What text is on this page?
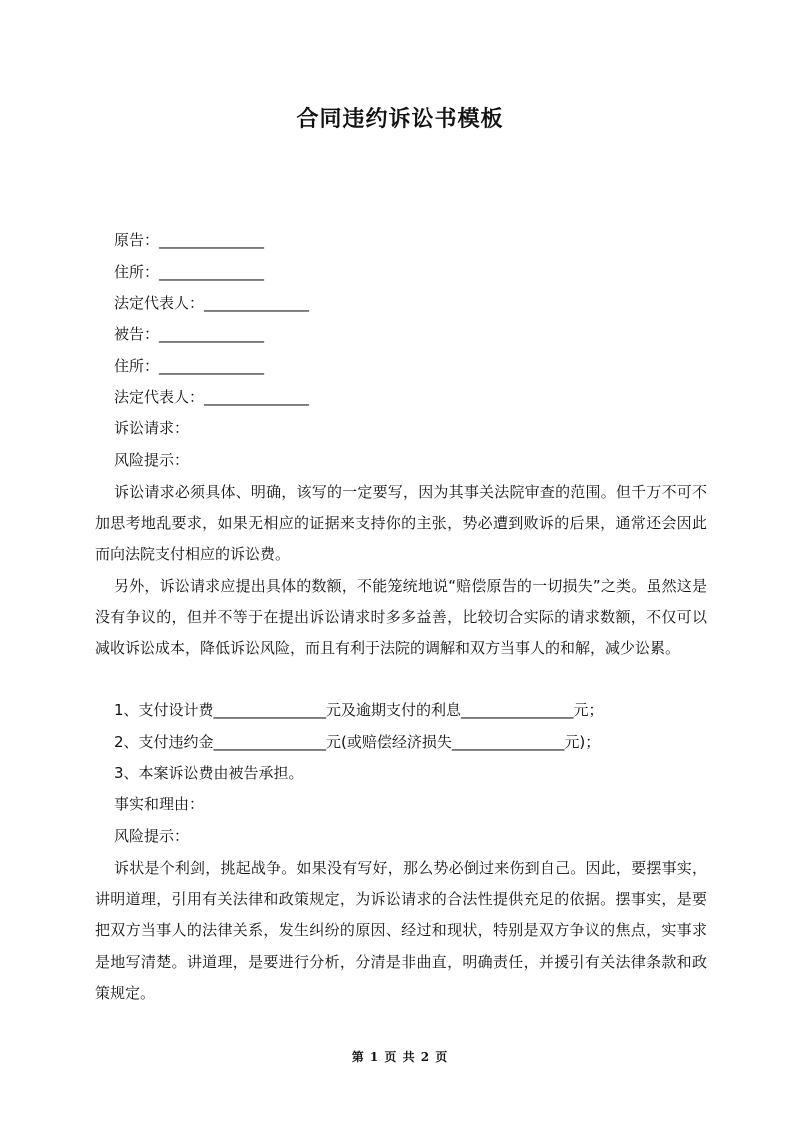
合同违约诉讼书模板
原告：______________
住所：______________
法定代表人：______________
被告：______________
住所：______________
法定代表人：______________
诉讼请求：
风险提示：
诉讼请求必须具体、明确，该写的一定要写，因为其事关法院审查的范围。但千万不可不加思考地乱要求，如果无相应的证据来支持你的主张，势必遭到败诉的后果，通常还会因此而向法院支付相应的诉讼费。
另外，诉讼请求应提出具体的数额，不能笼统地说“赔偿原告的一切损失”之类。虽然这是没有争议的，但并不等于在提出诉讼请求时多多益善，比较切合实际的请求数额，不仅可以减收诉讼成本，降低诉讼风险，而且有利于法院的调解和双方当事人的和解，减少讼累。
1、支付设计费_______________元及逾期支付的利息_______________元；
2、支付违约金_______________元(或赔偿经济损失_______________元)；
3、本案诉讼费由被告承担。
事实和理由：
风险提示：
诉状是个利剑，挑起战争。如果没有写好，那么势必倒过来伤到自己。因此，要摆事实，讲明道理，引用有关法律和政策规定，为诉讼请求的合法性提供充足的依据。摆事实，是要把双方当事人的法律关系，发生纠纷的原因、经过和现状，特别是双方争议的焦点，实事求是地写清楚。讲道理，是要进行分析，分清是非曲直，明确责任，并援引有关法律条款和政策规定。
第 1 页 共 2 页
